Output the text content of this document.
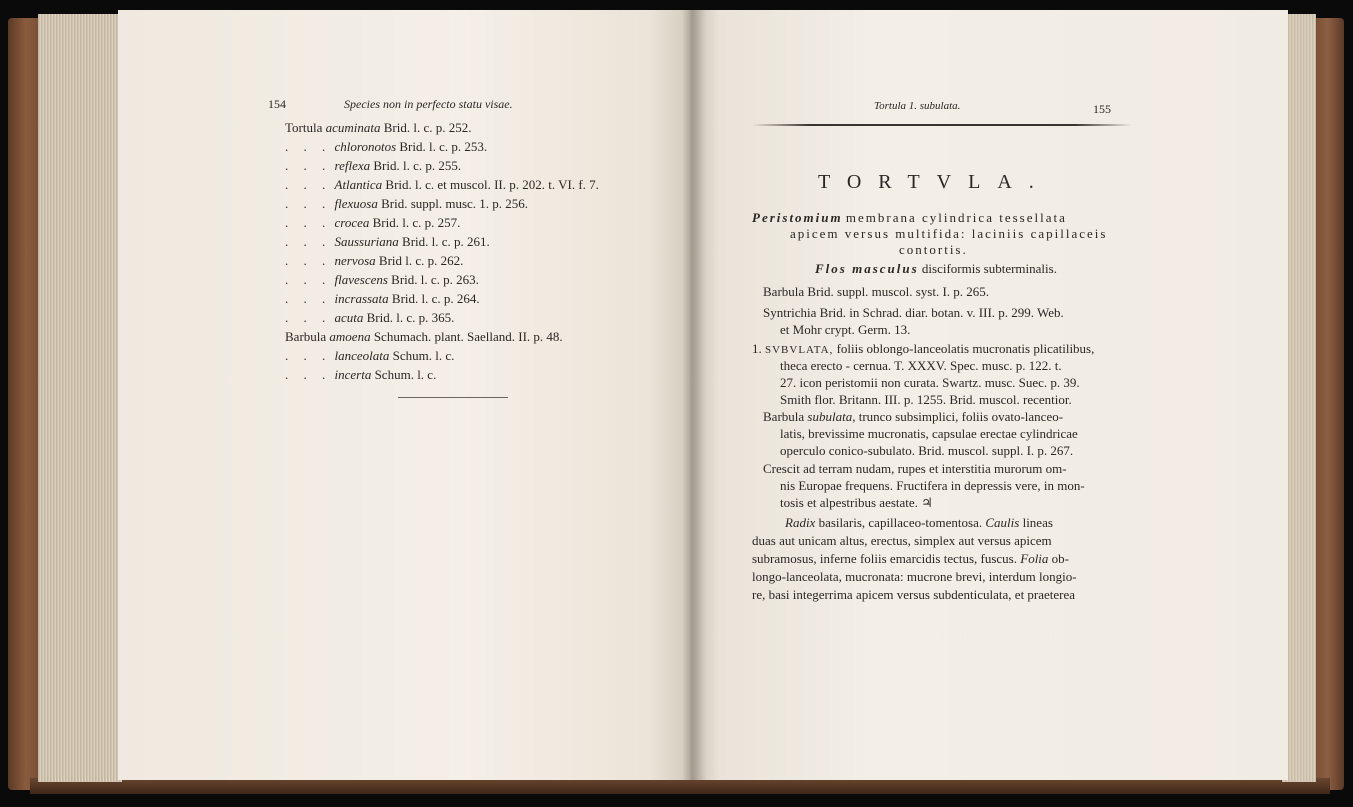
154	Species non in perfecto statu visae.
Tortula acuminata Brid. l. c. p. 252.
. . . chloronotos Brid. l. c. p. 253.
. . . reflexa Brid. l. c. p. 255.
. . . Atlantica Brid. l. c. et muscol. II. p. 202. t. VI. f. 7.
. . . flexuosa Brid. suppl. musc. 1. p. 256.
. . . crocea Brid. l. c. p. 257.
. . . Saussuriana Brid. l. c. p. 261.
. . . nervosa Brid l. c. p. 262.
. . . flavescens Brid. l. c. p. 263.
. . . incrassata Brid. l. c. p. 264.
. . . acuta Brid. l. c. p. 365.
Barbula amoena Schumach. plant. Saelland. II. p. 48.
. . . lanceolata Schum. l. c.
. . . incerta Schum. l. c.
Tortula 1. subulata.	155
TORTVLA.
Peristomium membrana cylindrica tessellata
apicem versus multifida: laciniis capillaceis
contortis.
Flos masculus disciformis subterminalis.
Barbula Brid. suppl. muscol. syst. I. p. 265.
Syntrichia Brid. in Schrad. diar. botan. v. III. p. 299. Web.
et Mohr crypt. Germ. 13.
1. SVBVLATA, foliis oblongo-lanceolatis mucronatis plicatilibus,
theca erecto - cernua. T. XXXV. Spec. musc. p. 122. t.
27. icon peristomii non curata. Swartz. musc. Suec. p. 39.
Smith flor. Britann. III. p. 1255. Brid. muscol. recentior.
Barbula subulata, trunco subsimplici, foliis ovato-lanceo-
latis, brevissime mucronatis, capsulae erectae cylindricae
operculo conico-subulato. Brid. muscol. suppl. I. p. 267.
Crescit ad terram nudam, rupes et interstitia murorum om-
nis Europae frequens. Fructifera in depressis vere, in mon-
tosis et alpestribus aestate. ♃
Radix basilaris, capillaceo-tomentosa. Caulis lineas
duas aut unicam altus, erectus, simplex aut versus apicem
subramosus, inferne foliis emarcidis tectus, fuscus. Folia ob-
longo-lanceolata, mucronata: mucrone brevi, interdum longio-
re, basi integerrima apicem versus subdenticulata, et praeterea
